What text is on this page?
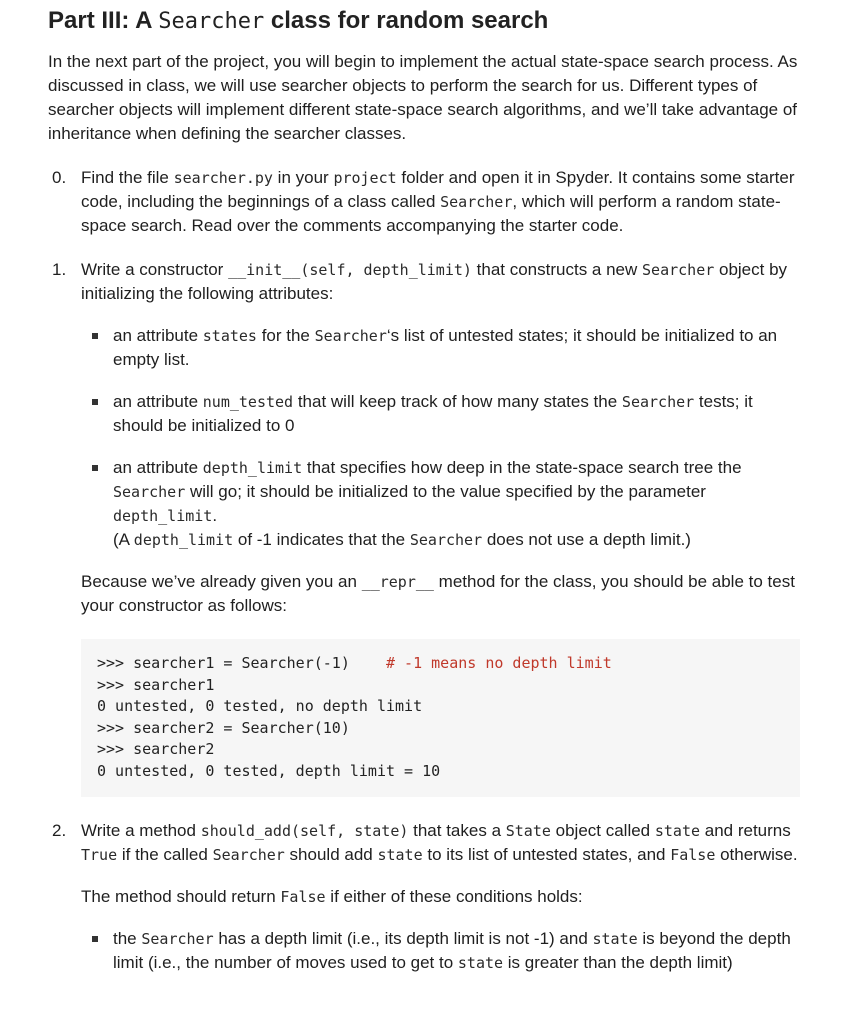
Part III: A Searcher class for random search

In the next part of the project, you will begin to implement the actual state-space search process. As discussed in class, we will use searcher objects to perform the search for us. Different types of searcher objects will implement different state-space search algorithms, and we’ll take advantage of inheritance when defining the searcher classes.

0. Find the file searcher.py in your project folder and open it in Spyder. It contains some starter code, including the beginnings of a class called Searcher, which will perform a random state-space search. Read over the comments accompanying the starter code.

1. Write a constructor __init__(self, depth_limit) that constructs a new Searcher object by initializing the following attributes:

an attribute states for the Searcher‘s list of untested states; it should be initialized to an empty list.
an attribute num_tested that will keep track of how many states the Searcher tests; it should be initialized to 0
an attribute depth_limit that specifies how deep in the state-space search tree the Searcher will go; it should be initialized to the value specified by the parameter depth_limit.
(A depth_limit of -1 indicates that the Searcher does not use a depth limit.)

Because we’ve already given you an __repr__ method for the class, you should be able to test your constructor as follows:

>>> searcher1 = Searcher(-1) # -1 means no depth limit
>>> searcher1
0 untested, 0 tested, no depth limit
>>> searcher2 = Searcher(10)
>>> searcher2
0 untested, 0 tested, depth limit = 10
2. Write a method should_add(self, state) that takes a State object called state and returns True if the called Searcher should add state to its list of untested states, and False otherwise.

The method should return False if either of these conditions holds:

the Searcher has a depth limit (i.e., its depth limit is not -1) and state is beyond the depth limit (i.e., the number of moves used to get to state is greater than the depth limit)
